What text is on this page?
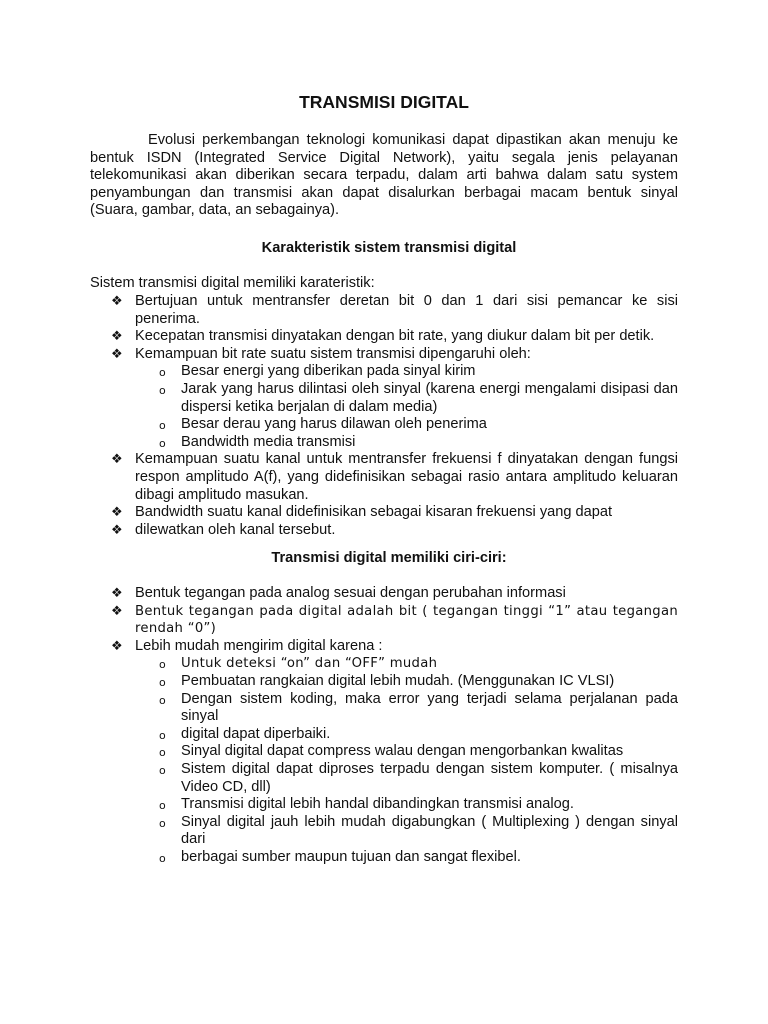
TRANSMISI DIGITAL
Evolusi perkembangan teknologi komunikasi dapat dipastikan akan menuju ke bentuk ISDN (Integrated Service Digital Network), yaitu segala jenis pelayanan telekomunikasi akan diberikan secara terpadu, dalam arti bahwa dalam satu system penyambungan dan transmisi akan dapat disalurkan berbagai macam bentuk sinyal (Suara, gambar, data, an sebagainya).
Karakteristik sistem transmisi digital
Sistem transmisi digital memiliki karateristik:
❖ Bertujuan untuk mentransfer deretan bit 0 dan 1 dari sisi pemancar ke sisi penerima.
❖ Kecepatan transmisi dinyatakan dengan bit rate, yang diukur dalam bit per detik.
❖ Kemampuan bit rate suatu sistem transmisi dipengaruhi oleh:
o Besar energi yang diberikan pada sinyal kirim
o Jarak yang harus dilintasi oleh sinyal (karena energi mengalami disipasi dan dispersi ketika berjalan di dalam media)
o Besar derau yang harus dilawan oleh penerima
o Bandwidth media transmisi
❖ Kemampuan suatu kanal untuk mentransfer frekuensi f dinyatakan dengan fungsi respon amplitudo A(f), yang didefinisikan sebagai rasio antara amplitudo keluaran dibagi amplitudo masukan.
❖ Bandwidth suatu kanal didefinisikan sebagai kisaran frekuensi yang dapat
❖ dilewatkan oleh kanal tersebut.
Transmisi digital memiliki ciri-ciri:
❖ Bentuk tegangan pada analog sesuai dengan perubahan informasi
❖ Bentuk tegangan pada digital adalah bit ( tegangan tinggi “1” atau tegangan rendah “0”)
❖ Lebih mudah mengirim digital karena :
o Untuk deteksi “on” dan “OFF” mudah
o Pembuatan rangkaian digital lebih mudah. (Menggunakan IC VLSI)
o Dengan sistem koding, maka error yang terjadi selama perjalanan pada sinyal
o digital dapat diperbaiki.
o Sinyal digital dapat compress walau dengan mengorbankan kwalitas
o Sistem digital dapat diproses terpadu dengan sistem komputer. ( misalnya Video CD, dll)
o Transmisi digital lebih handal dibandingkan transmisi analog.
o Sinyal digital jauh lebih mudah digabungkan ( Multiplexing ) dengan sinyal dari
o berbagai sumber maupun tujuan dan sangat flexibel.
